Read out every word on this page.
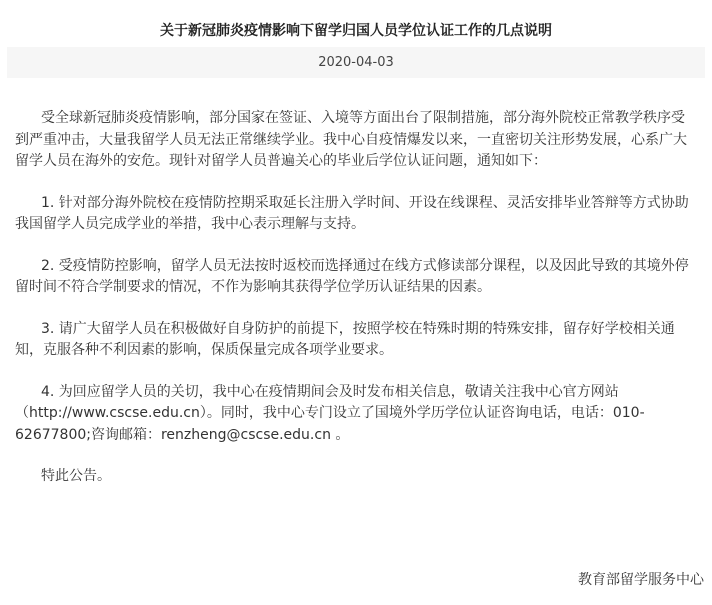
关于新冠肺炎疫情影响下留学归国人员学位认证工作的几点说明
2020-04-03

受全球新冠肺炎疫情影响，部分国家在签证、入境等方面出台了限制措施，部分海外院校正常教学秩序受到严重冲击，大量我留学人员无法正常继续学业。我中心自疫情爆发以来，一直密切关注形势发展，心系广大留学人员在海外的安危。现针对留学人员普遍关心的毕业后学位认证问题，通知如下：

1. 针对部分海外院校在疫情防控期采取延长注册入学时间、开设在线课程、灵活安排毕业答辩等方式协助我国留学人员完成学业的举措，我中心表示理解与支持。

2. 受疫情防控影响，留学人员无法按时返校而选择通过在线方式修读部分课程，以及因此导致的其境外停留时间不符合学制要求的情况，不作为影响其获得学位学历认证结果的因素。

3. 请广大留学人员在积极做好自身防护的前提下，按照学校在特殊时期的特殊安排，留存好学校相关通知，克服各种不利因素的影响，保质保量完成各项学业要求。

4. 为回应留学人员的关切，我中心在疫情期间会及时发布相关信息，敬请关注我中心官方网站（http://www.cscse.edu.cn）。同时，我中心专门设立了国境外学历学位认证咨询电话，电话：010-62677800;咨询邮箱：renzheng@cscse.edu.cn 。

特此公告。

教育部留学服务中心
